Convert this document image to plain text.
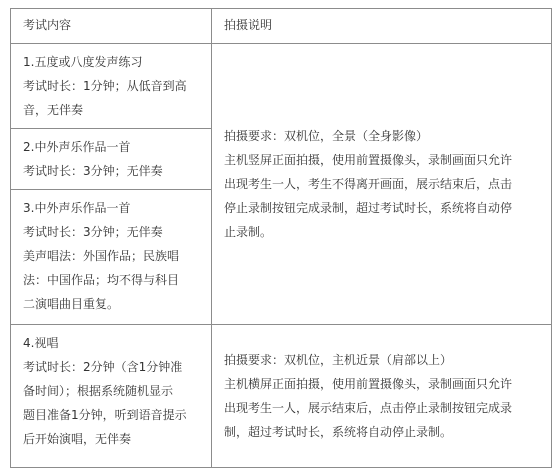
考试内容	拍摄说明

1.五度或八度发声练习
考试时长：1分钟；从低音到高
音，无伴奏	拍摄要求：双机位，全景（全身影像）
主机竖屏正面拍摄，使用前置摄像头，录制画面只允许
出现考生一人，考生不得离开画面，展示结束后，点击
停止录制按钮完成录制，超过考试时长，系统将自动停
止录制。

2.中外声乐作品一首
考试时长：3分钟；无伴奏	

3.中外声乐作品一首
考试时长：3分钟；无伴奏
美声唱法：外国作品；民族唱
法：中国作品；均不得与科目
二演唱曲目重复。	

4.视唱
考试时长：2分钟（含1分钟准
备时间）；根据系统随机显示
题目准备1分钟，听到语音提示
后开始演唱，无伴奏	拍摄要求：双机位，主机近景（肩部以上）
主机横屏正面拍摄，使用前置摄像头，录制画面只允许
出现考生一人，展示结束后，点击停止录制按钮完成录
制，超过考试时长，系统将自动停止录制。
